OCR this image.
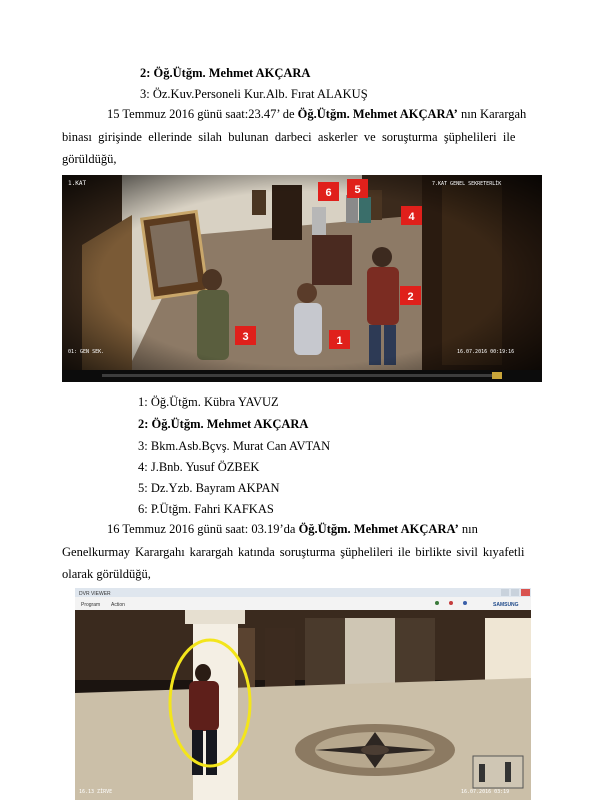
2: Öğ.Ütğm. Mehmet AKÇARA
3: Öz.Kuv.Personeli Kur.Alb. Fırat ALAKUŞ
15 Temmuz 2016 günü saat:23.47’ de Öğ.Ütğm. Mehmet AKÇARA’ nın Karargah
binası girişinde ellerinde silah bulunan darbeci askerler ve soruşturma şüphelileri ile
görüldüğü,
1.KAT	7.KAT GENEL SEKRETERLİK
01: GEN SEK.	16.07.2016 00:19:16
1
2
3
4
5
6
1: Öğ.Ütğm. Kübra YAVUZ
2: Öğ.Ütğm. Mehmet AKÇARA
3: Bkm.Asb.Bçvş. Murat Can AVTAN
4: J.Bnb. Yusuf ÖZBEK
5: Dz.Yzb. Bayram AKPAN
6: P.Ütğm. Fahri KAFKAS
16 Temmuz 2016 günü saat: 03.19’da Öğ.Ütğm. Mehmet AKÇARA’ nın
Genelkurmay Karargahı karargah katında soruşturma şüphelileri ile birlikte sivil kıyafetli
olarak görüldüğü,
DVR VIEWER
Program Action	SAMSUNG
16.13 ZİRVE	16.07.2016 03:19
